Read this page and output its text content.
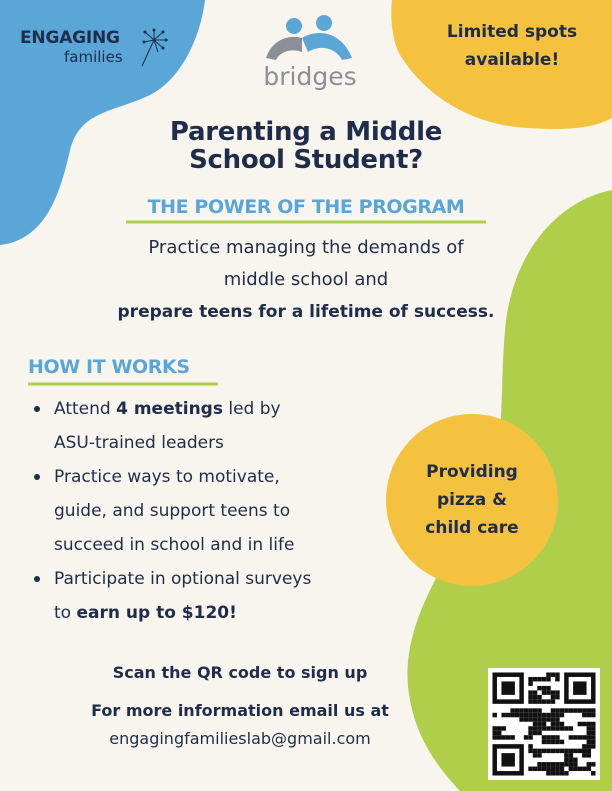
ENGAGING
families
bridges
Limited spots
available!
Parenting a Middle
School Student?
THE POWER OF THE PROGRAM
Practice managing the demands of
middle school and
prepare teens for a lifetime of success.
HOW IT WORKS
Attend 4 meetings led by
ASU-trained leaders
Practice ways to motivate,
guide, and support teens to
succeed in school and in life
Participate in optional surveys
to earn up to $120!
Providing
pizza &
child care
Scan the QR code to sign up
For more information email us at
engagingfamilieslab@gmail.com
